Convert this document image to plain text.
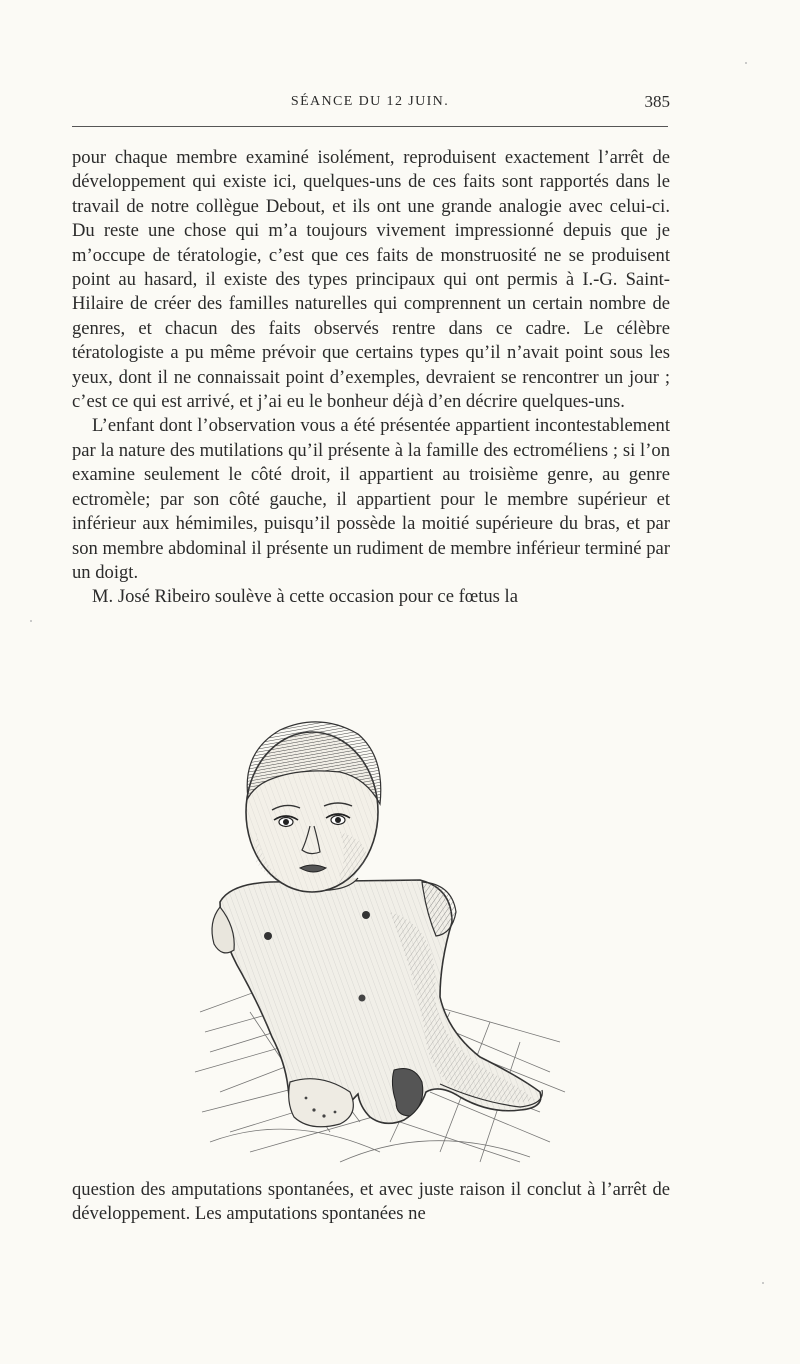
SÉANCE DU 12 JUIN.	385

pour chaque membre examiné isolément, reproduisent exactement l’arrêt de développement qui existe ici, quelques-uns de ces faits sont rapportés dans le travail de notre collègue Debout, et ils ont une grande analogie avec celui-ci. Du reste une chose qui m’a toujours vivement impressionné depuis que je m’occupe de tératologie, c’est que ces faits de monstruosité ne se produisent point au hasard, il existe des types principaux qui ont permis à I.-G. Saint-Hilaire de créer des familles naturelles qui comprennent un certain nombre de genres, et chacun des faits observés rentre dans ce cadre. Le célèbre tératologiste a pu même prévoir que certains types qu’il n’avait point sous les yeux, dont il ne connaissait point d’exemples, devraient se rencontrer un jour ; c’est ce qui est arrivé, et j’ai eu le bonheur déjà d’en décrire quelques-uns.

L’enfant dont l’observation vous a été présentée appartient incontestablement par la nature des mutilations qu’il présente à la famille des ectroméliens ; si l’on examine seulement le côté droit, il appartient au troisième genre, au genre ectromèle; par son côté gauche, il appartient pour le membre supérieur et inférieur aux hémimiles, puisqu’il possède la moitié supérieure du bras, et par son membre abdominal il présente un rudiment de membre inférieur terminé par un doigt.

M. José Ribeiro soulève à cette occasion pour ce fœtus la

question des amputations spontanées, et avec juste raison il conclut à l’arrêt de développement. Les amputations spontanées ne
